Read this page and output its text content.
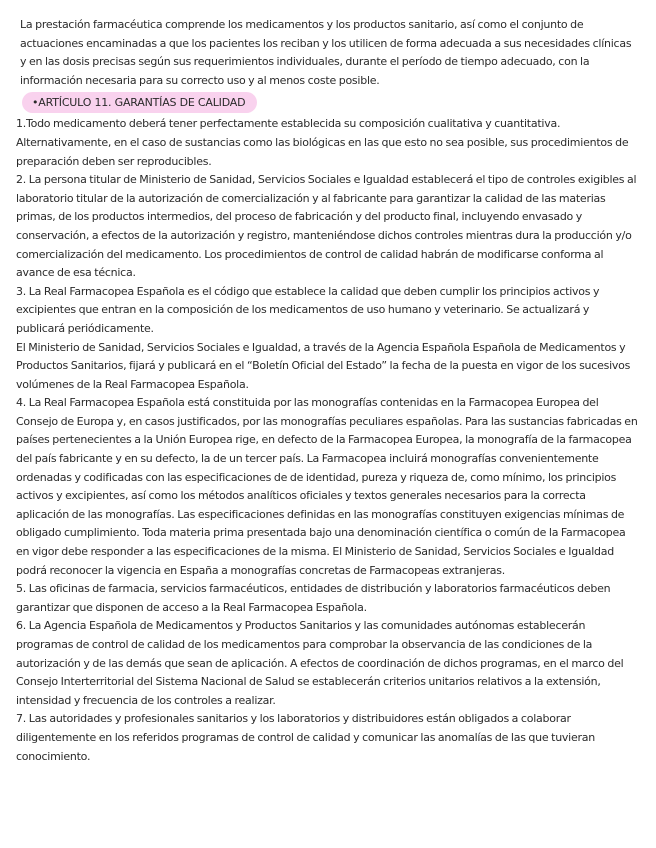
La prestación farmacéutica comprende los medicamentos y los productos sanitario, así como el conjunto de actuaciones encaminadas a que los pacientes los reciban y los utilicen de forma adecuada a sus necesidades clínicas y en las dosis precisas según sus requerimientos individuales, durante el período de tiempo adecuado, con la información necesaria para su correcto uso y al menos coste posible.

•ARTÍCULO 11. GARANTÍAS DE CALIDAD

1.Todo medicamento deberá tener perfectamente establecida su composición cualitativa y cuantitativa. Alternativamente, en el caso de sustancias como las biológicas en las que esto no sea posible, sus procedimientos de preparación deben ser reproducibles.

2. La persona titular de Ministerio de Sanidad, Servicios Sociales e Igualdad establecerá el tipo de controles exigibles al laboratorio titular de la autorización de comercialización y al fabricante para garantizar la calidad de las materias primas, de los productos intermedios, del proceso de fabricación y del producto final, incluyendo envasado y conservación, a efectos de la autorización y registro, manteniéndose dichos controles mientras dura la producción y/o comercialización del medicamento. Los procedimientos de control de calidad habrán de modificarse conforma al avance de esa técnica.

3. La Real Farmacopea Española es el código que establece la calidad que deben cumplir los principios activos y excipientes que entran en la composición de los medicamentos de uso humano y veterinario. Se actualizará y publicará periódicamente.

El Ministerio de Sanidad, Servicios Sociales e Igualdad, a través de la Agencia Española Española de Medicamentos y Productos Sanitarios, fijará y publicará en el “Boletín Oficial del Estado” la fecha de la puesta en vigor de los sucesivos volúmenes de la Real Farmacopea Española.

4. La Real Farmacopea Española está constituida por las monografías contenidas en la Farmacopea Europea del Consejo de Europa y, en casos justificados, por las monografías peculiares españolas. Para las sustancias fabricadas en países pertenecientes a la Unión Europea rige, en defecto de la Farmacopea Europea, la monografía de la farmacopea del país fabricante y en su defecto, la de un tercer país. La Farmacopea incluirá monografías convenientemente ordenadas y codificadas con las especificaciones de de identidad, pureza y riqueza de, como mínimo, los principios activos y excipientes, así como los métodos analíticos oficiales y textos generales necesarios para la correcta aplicación de las monografías. Las especificaciones definidas en las monografías constituyen exigencias mínimas de obligado cumplimiento. Toda materia prima presentada bajo una denominación científica o común de la Farmacopea en vigor debe responder a las especificaciones de la misma. El Ministerio de Sanidad, Servicios Sociales e Igualdad podrá reconocer la vigencia en España a monografías concretas de Farmacopeas extranjeras.

5. Las oficinas de farmacia, servicios farmacéuticos, entidades de distribución y laboratorios farmacéuticos deben garantizar que disponen de acceso a la Real Farmacopea Española.

6. La Agencia Española de Medicamentos y Productos Sanitarios y las comunidades autónomas establecerán programas de control de calidad de los medicamentos para comprobar la observancia de las condiciones de la autorización y de las demás que sean de aplicación. A efectos de coordinación de dichos programas, en el marco del Consejo Interterritorial del Sistema Nacional de Salud se establecerán criterios unitarios relativos a la extensión, intensidad y frecuencia de los controles a realizar.

7. Las autoridades y profesionales sanitarios y los laboratorios y distribuidores están obligados a colaborar diligentemente en los referidos programas de control de calidad y comunicar las anomalías de las que tuvieran conocimiento.
